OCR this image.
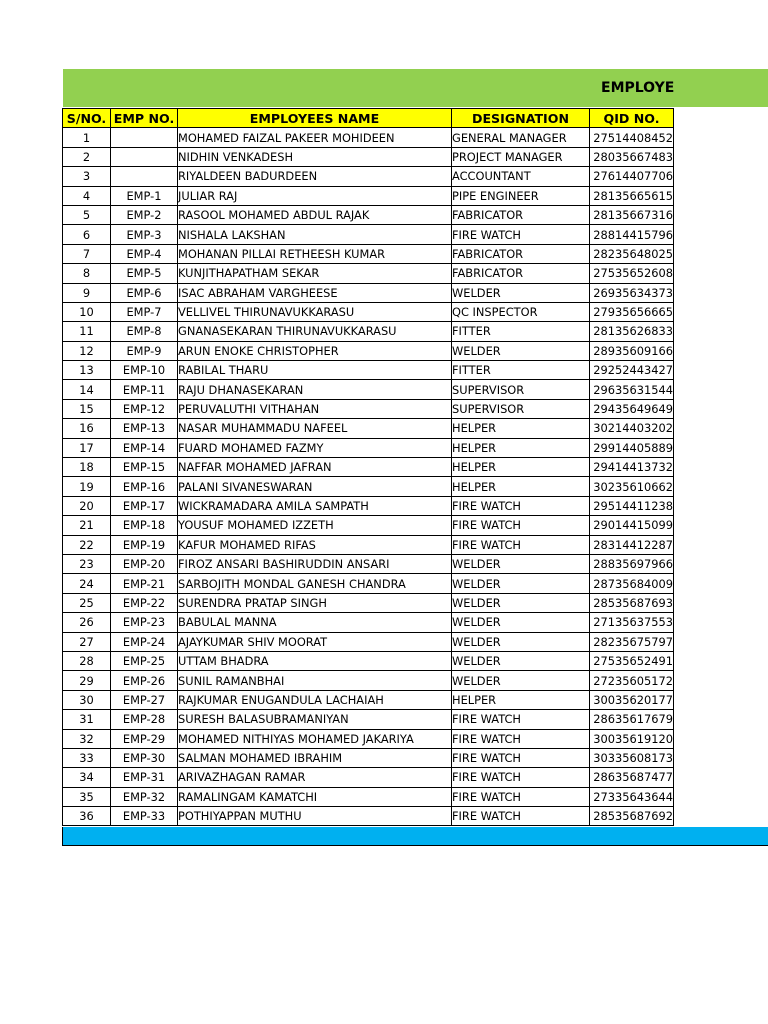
EMPLOYE
S/NO.	EMP NO.	EMPLOYEES NAME	DESIGNATION	QID NO.
1		MOHAMED FAIZAL PAKEER MOHIDEEN	GENERAL MANAGER	27514408452
2		NIDHIN VENKADESH	PROJECT MANAGER	28035667483
3		RIYALDEEN BADURDEEN	ACCOUNTANT	27614407706
4	EMP-1	JULIAR RAJ	PIPE ENGINEER	28135665615
5	EMP-2	RASOOL MOHAMED ABDUL RAJAK	FABRICATOR	28135667316
6	EMP-3	NISHALA LAKSHAN	FIRE WATCH	28814415796
7	EMP-4	MOHANAN PILLAI RETHEESH KUMAR	FABRICATOR	28235648025
8	EMP-5	KUNJITHAPATHAM SEKAR	FABRICATOR	27535652608
9	EMP-6	ISAC ABRAHAM VARGHEESE	WELDER	26935634373
10	EMP-7	VELLIVEL THIRUNAVUKKARASU	QC INSPECTOR	27935656665
11	EMP-8	GNANASEKARAN THIRUNAVUKKARASU	FITTER	28135626833
12	EMP-9	ARUN ENOKE CHRISTOPHER	WELDER	28935609166
13	EMP-10	RABILAL THARU	FITTER	29252443427
14	EMP-11	RAJU DHANASEKARAN	SUPERVISOR	29635631544
15	EMP-12	PERUVALUTHI VITHAHAN	SUPERVISOR	29435649649
16	EMP-13	NASAR MUHAMMADU NAFEEL	HELPER	30214403202
17	EMP-14	FUARD MOHAMED FAZMY	HELPER	29914405889
18	EMP-15	NAFFAR MOHAMED JAFRAN	HELPER	29414413732
19	EMP-16	PALANI SIVANESWARAN	HELPER	30235610662
20	EMP-17	WICKRAMADARA AMILA SAMPATH	FIRE WATCH	29514411238
21	EMP-18	YOUSUF MOHAMED IZZETH	FIRE WATCH	29014415099
22	EMP-19	KAFUR MOHAMED RIFAS	FIRE WATCH	28314412287
23	EMP-20	FIROZ ANSARI BASHIRUDDIN ANSARI	WELDER	28835697966
24	EMP-21	SARBOJITH MONDAL GANESH CHANDRA	WELDER	28735684009
25	EMP-22	SURENDRA PRATAP SINGH	WELDER	28535687693
26	EMP-23	BABULAL MANNA	WELDER	27135637553
27	EMP-24	AJAYKUMAR SHIV MOORAT	WELDER	28235675797
28	EMP-25	UTTAM BHADRA	WELDER	27535652491
29	EMP-26	SUNIL RAMANBHAI	WELDER	27235605172
30	EMP-27	RAJKUMAR ENUGANDULA LACHAIAH	HELPER	30035620177
31	EMP-28	SURESH BALASUBRAMANIYAN	FIRE WATCH	28635617679
32	EMP-29	MOHAMED NITHIYAS MOHAMED JAKARIYA	FIRE WATCH	30035619120
33	EMP-30	SALMAN MOHAMED IBRAHIM	FIRE WATCH	30335608173
34	EMP-31	ARIVAZHAGAN RAMAR	FIRE WATCH	28635687477
35	EMP-32	RAMALINGAM KAMATCHI	FIRE WATCH	27335643644
36	EMP-33	POTHIYAPPAN MUTHU	FIRE WATCH	28535687692
